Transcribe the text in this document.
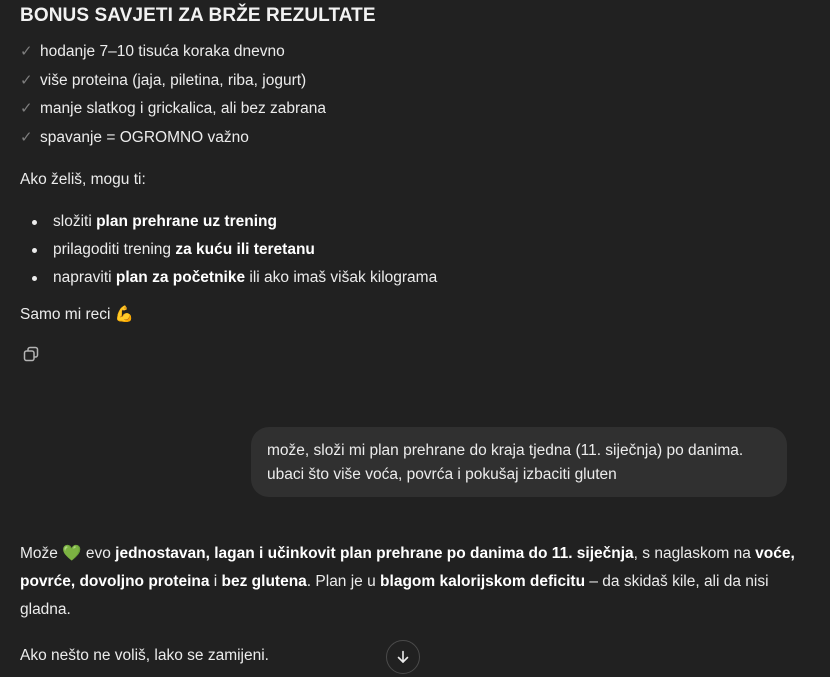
BONUS SAVJETI ZA BRŽE REZULTATE
✓ hodanje 7–10 tisuća koraka dnevno
✓ više proteina (jaja, piletina, riba, jogurt)
✓ manje slatkog i grickalica, ali bez zabrana
✓ spavanje = OGROMNO važno
Ako želiš, mogu ti:
složiti plan prehrane uz trening
prilagoditi trening za kuću ili teretanu
napraviti plan za početnike ili ako imaš višak kilograma
Samo mi reci 💪
može, složi mi plan prehrane do kraja tjedna (11. siječnja) po danima.
ubaci što više voća, povrća i pokušaj izbaciti gluten
Može 💚 evo jednostavan, lagan i učinkovit plan prehrane po danima do 11. siječnja, s naglaskom na voće, povrće, dovoljno proteina i bez glutena. Plan je u blagom kalorijskom deficitu – da skidaš kile, ali da nisi gladna.
Ako nešto ne voliš, lako se zamijeni.
